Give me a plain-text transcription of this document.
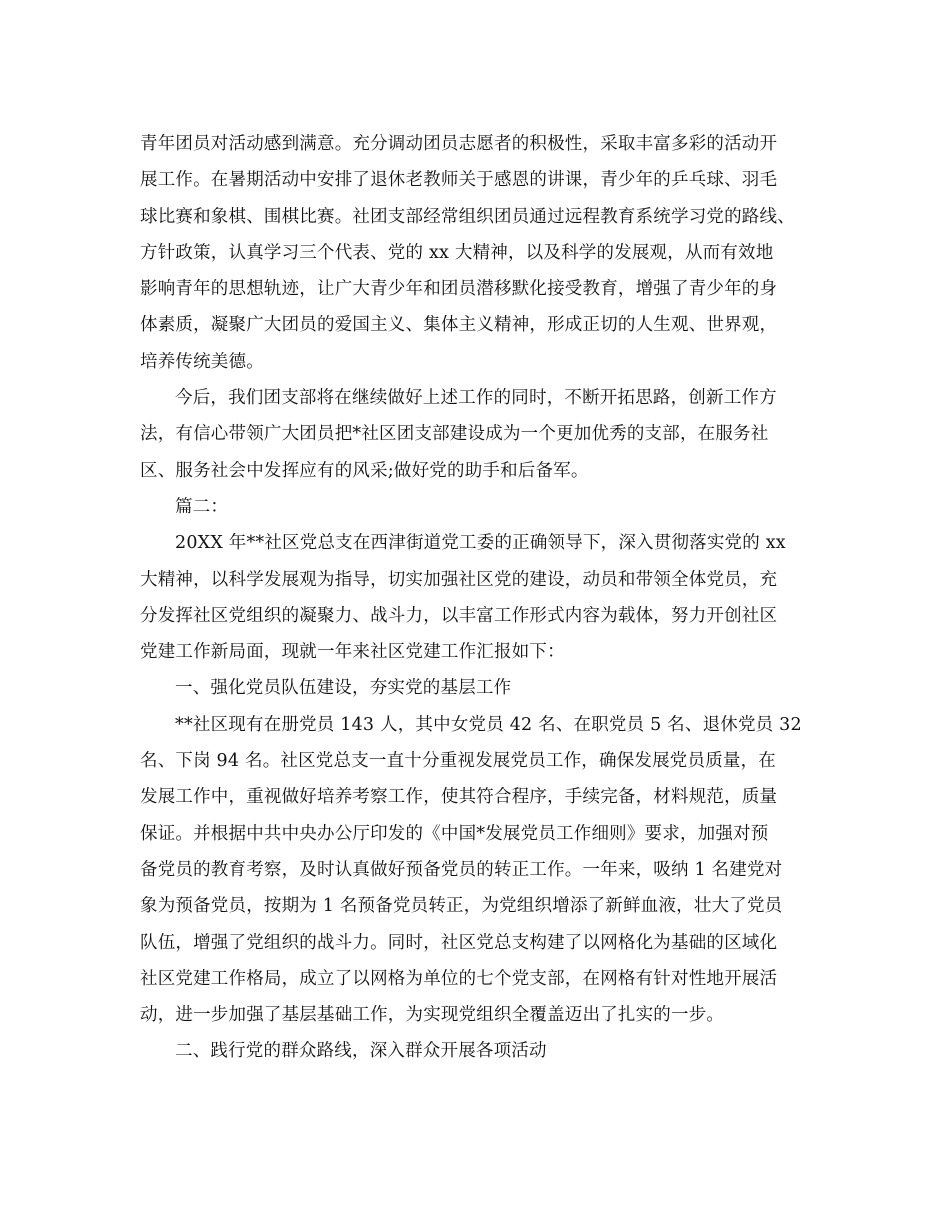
青年团员对活动感到满意。充分调动团员志愿者的积极性，采取丰富多彩的活动开
展工作。在暑期活动中安排了退休老教师关于感恩的讲课，青少年的乒乓球、羽毛
球比赛和象棋、围棋比赛。社团支部经常组织团员通过远程教育系统学习党的路线、
方针政策，认真学习三个代表、党的 xx 大精神，以及科学的发展观，从而有效地
影响青年的思想轨迹，让广大青少年和团员潜移默化接受教育，增强了青少年的身
体素质，凝聚广大团员的爱国主义、集体主义精神，形成正切的人生观、世界观，
培养传统美德。
今后，我们团支部将在继续做好上述工作的同时，不断开拓思路，创新工作方
法，有信心带领广大团员把*社区团支部建设成为一个更加优秀的支部，在服务社
区、服务社会中发挥应有的风采;做好党的助手和后备军。
篇二：
20XX 年**社区党总支在西津街道党工委的正确领导下，深入贯彻落实党的 xx
大精神，以科学发展观为指导，切实加强社区党的建设，动员和带领全体党员，充
分发挥社区党组织的凝聚力、战斗力，以丰富工作形式内容为载体，努力开创社区
党建工作新局面，现就一年来社区党建工作汇报如下：
一、强化党员队伍建设，夯实党的基层工作
**社区现有在册党员 143 人，其中女党员 42 名、在职党员 5 名、退休党员 32
名、下岗 94 名。社区党总支一直十分重视发展党员工作，确保发展党员质量，在
发展工作中，重视做好培养考察工作，使其符合程序，手续完备，材料规范，质量
保证。并根据中共中央办公厅印发的《中国*发展党员工作细则》要求，加强对预
备党员的教育考察，及时认真做好预备党员的转正工作。一年来，吸纳 1 名建党对
象为预备党员，按期为 1 名预备党员转正，为党组织增添了新鲜血液，壮大了党员
队伍，增强了党组织的战斗力。同时，社区党总支构建了以网格化为基础的区域化
社区党建工作格局，成立了以网格为单位的七个党支部，在网格有针对性地开展活
动，进一步加强了基层基础工作，为实现党组织全覆盖迈出了扎实的一步。
二、践行党的群众路线，深入群众开展各项活动
